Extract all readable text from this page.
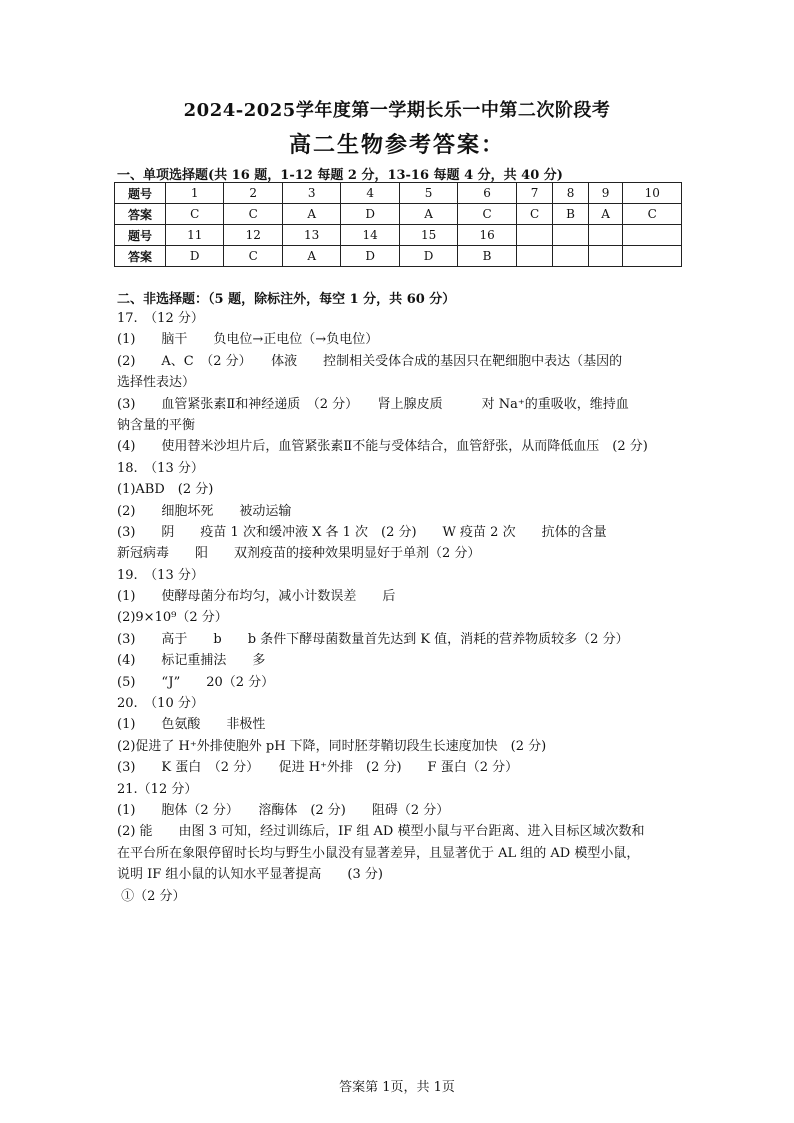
2024-2025学年度第一学期长乐一中第二次阶段考
高二生物参考答案：
一、单项选择题(共 16 题，1-12 每题 2 分，13-16 每题 4 分，共 40 分)
题号	1	2	3	4	5	6	7	8	9	10
答案	C	C	A	D	A	C	C	B	A	C
题号	11	12	13	14	15	16				
答案	D	C	A	D	D	B				
二、非选择题：（5 题，除标注外，每空 1 分，共 60 分）
17.　（12 分）
(1)　　脑干　　负电位→正电位（→负电位）
(2)　　A、C　（2 分）　　体液　　控制相关受体合成的基因只在靶细胞中表达（基因的
选择性表达）
(3)　　血管紧张素Ⅱ和神经递质　（2 分）　　肾上腺皮质　　　对 Na⁺的重吸收，维持血
钠含量的平衡
(4)　　使用替米沙坦片后，血管紧张素Ⅱ不能与受体结合，血管舒张，从而降低血压　(2 分)
18.　（13 分）
(1)ABD　(2 分)
(2)　　细胞坏死　　被动运输
(3)　　阴　　疫苗 1 次和缓冲液 X 各 1 次　(2 分)　　W 疫苗 2 次　　抗体的含量
新冠病毒　　阳　　双剂疫苗的接种效果明显好于单剂（2 分）
19.　（13 分）
(1)　　使酵母菌分布均匀，减小计数误差　　后
(2)9×10⁹（2 分）
(3)　　高于　　b　　b 条件下酵母菌数量首先达到 K 值，消耗的营养物质较多（2 分）
(4)　　标记重捕法　　多
(5)　　“J”　　20（2 分）
20.　（10 分）
(1)　　色氨酸　　非极性
(2)促进了 H⁺外排使胞外 pH 下降，同时胚芽鞘切段生长速度加快　(2 分)
(3)　　K 蛋白　（2 分）　　促进 H⁺外排　(2 分)　　F 蛋白（2 分）
21.（12 分）
(1)　　胞体（2 分）　　溶酶体　(2 分)　　阻碍（2 分）
(2) 能　　由图 3 可知，经过训练后，IF 组 AD 模型小鼠与平台距离、进入目标区域次数和
在平台所在象限停留时长均与野生小鼠没有显著差异，且显著优于 AL 组的 AD 模型小鼠，
说明 IF 组小鼠的认知水平显著提高　　(3 分)
①（2 分）
答案第 1页，共 1页
